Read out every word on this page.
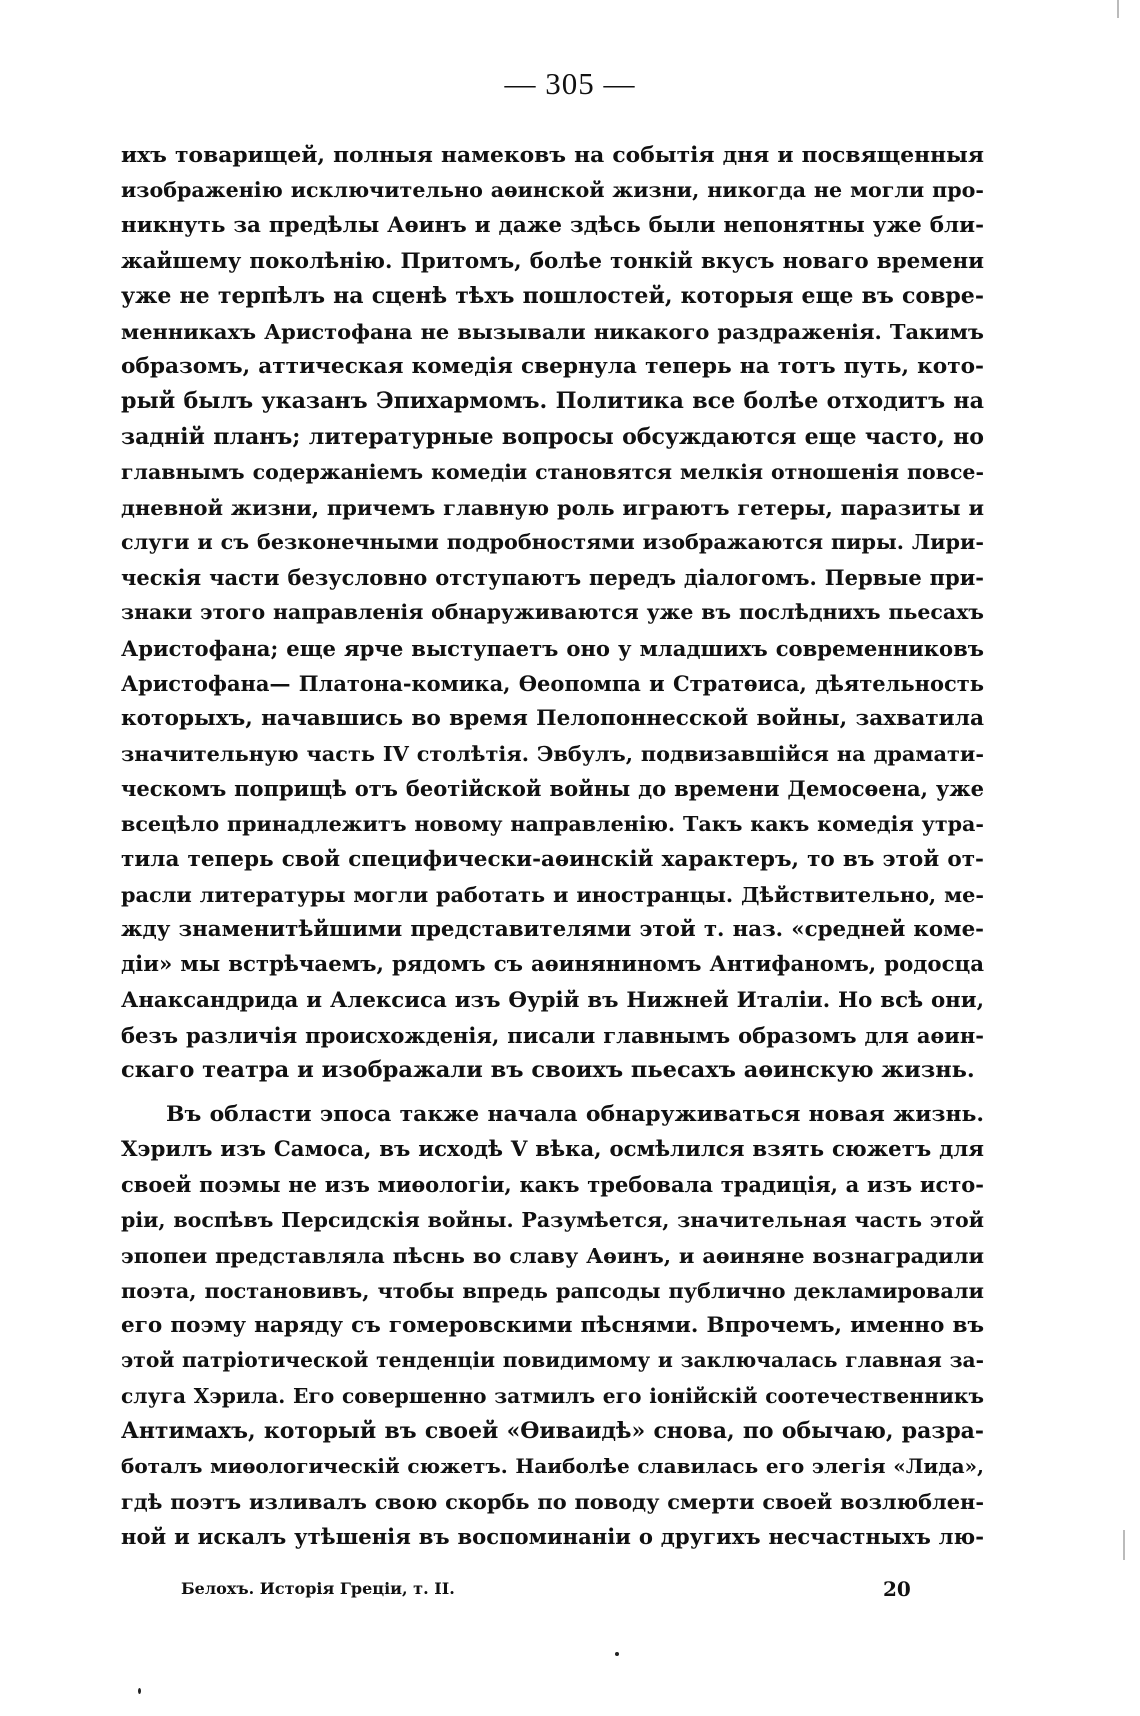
— 305 —
ихъ товарищей, полныя намековъ на событія дня и посвященныя
изображенію исключительно аѳинской жизни, никогда не могли про-
никнуть за предѣлы Аѳинъ и даже здѣсь были непонятны уже бли-
жайшему поколѣнію. Притомъ, болѣе тонкій вкусъ новаго времени
уже не терпѣлъ на сценѣ тѣхъ пошлостей, которыя еще въ совре-
менникахъ Аристофана не вызывали никакого раздраженія. Такимъ
образомъ, аттическая комедія свернула теперь на тотъ путь, кото-
рый былъ указанъ Эпихармомъ. Политика все болѣе отходитъ на
задній планъ; литературные вопросы обсуждаются еще часто, но
главнымъ содержаніемъ комедіи становятся мелкія отношенія повсе-
дневной жизни, причемъ главную роль играютъ гетеры, паразиты и
слуги и съ безконечными подробностями изображаются пиры. Лири-
ческія части безусловно отступаютъ передъ діалогомъ. Первые при-
знаки этого направленія обнаруживаются уже въ послѣднихъ пьесахъ
Аристофана; еще ярче выступаетъ оно у младшихъ современниковъ
Аристофана— Платона-комика, Ѳеопомпа и Стратѳиса, дѣятельность
которыхъ, начавшись во время Пелопоннесской войны, захватила
значительную часть IV столѣтія. Эвбулъ, подвизавшійся на драмати-
ческомъ поприщѣ отъ беотійской войны до времени Демосѳена, уже
всецѣло принадлежитъ новому направленію. Такъ какъ комедія утра-
тила теперь свой специфически-аѳинскій характеръ, то въ этой от-
расли литературы могли работать и иностранцы. Дѣйствительно, ме-
жду знаменитѣйшими представителями этой т. наз. «средней коме-
діи» мы встрѣчаемъ, рядомъ съ аѳиняниномъ Антифаномъ, родосца
Анаксандрида и Алексиса изъ Ѳурій въ Нижней Италіи. Но всѣ они,
безъ различія происхожденія, писали главнымъ образомъ для аѳин-
скаго театра и изображали въ своихъ пьесахъ аѳинскую жизнь.
Въ области эпоса также начала обнаруживаться новая жизнь.
Хэрилъ изъ Самоса, въ исходѣ V вѣка, осмѣлился взять сюжетъ для
своей поэмы не изъ миѳологіи, какъ требовала традиція, а изъ исто-
ріи, воспѣвъ Персидскія войны. Разумѣется, значительная часть этой
эпопеи представляла пѣснь во славу Аѳинъ, и аѳиняне вознаградили
поэта, постановивъ, чтобы впредь рапсоды публично декламировали
его поэму наряду съ гомеровскими пѣснями. Впрочемъ, именно въ
этой патріотической тенденціи повидимому и заключалась главная за-
слуга Хэрила. Его совершенно затмилъ его іонійскій соотечественникъ
Антимахъ, который въ своей «Ѳиваидѣ» снова, по обычаю, разра-
боталъ миѳологическій сюжетъ. Наиболѣе славилась его элегія «Лида»,
гдѣ поэтъ изливалъ свою скорбь по поводу смерти своей возлюблен-
ной и искалъ утѣшенія въ воспоминаніи о другихъ несчастныхъ лю-
Белохъ. Исторія Греціи, т. II.	20
